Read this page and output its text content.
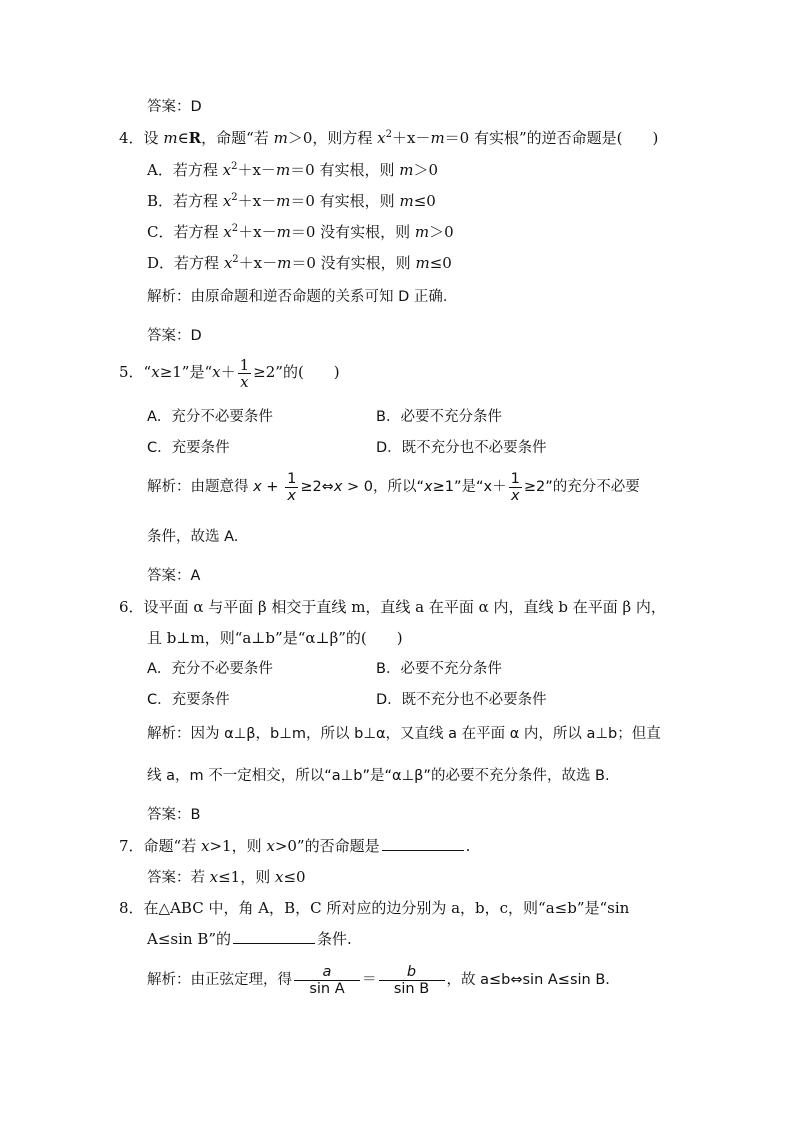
答案：D
4．设 m∈R，命题“若 m＞0，则方程 $x^2+x-m=0$ 有实根”的逆否命题是(　　)
A．若方程 $x^2+x-m=0$ 有实根，则 m＞0
B．若方程 $x^2+x-m=0$ 有实根，则 m≤0
C．若方程 $x^2+x-m=0$ 没有实根，则 m＞0
D．若方程 $x^2+x-m=0$ 没有实根，则 m≤0
解析：由原命题和逆否命题的关系可知 D 正确．
答案：D
5．“x≥1”是“$x+ \frac{1}{x} \ge 2$”的(　　)
A．充分不必要条件	B．必要不充分条件
C．充要条件	D．既不充分也不必要条件
解析：由题意得 $x + \frac{1}{x}$ ≥2⇔x > 0，所以“x≥1”是“$x+ \frac{1}{x} \ge 2$”的充分不必要
条件，故选 A.
答案：A
6．设平面 α 与平面 β 相交于直线 m，直线 a 在平面 α 内，直线 b 在平面 β 内，
且 b⊥m，则“a⊥b”是“α⊥β”的(　　)
A．充分不必要条件	B．必要不充分条件
C．充要条件	D．既不充分也不必要条件
解析：因为 α⊥β，b⊥m，所以 b⊥α，又直线 a 在平面 α 内，所以 a⊥b；但直
线 a，m 不一定相交，所以“a⊥b”是“α⊥β”的必要不充分条件，故选 B.
答案：B
7．命题“若 x>1，则 x>0”的否命题是	.
答案：若 x≤1，则 x≤0
8．在△ABC 中，角 A，B，C 所对应的边分别为 a，b，c，则“a≤b”是“sin
A≤sin B”的	条件.
解析：由正弦定理，得 $\frac{a}{\text{sin A}} = \frac{b}{\text{sin B}}$ ，故 a≤b⇔sin A≤sin B.
